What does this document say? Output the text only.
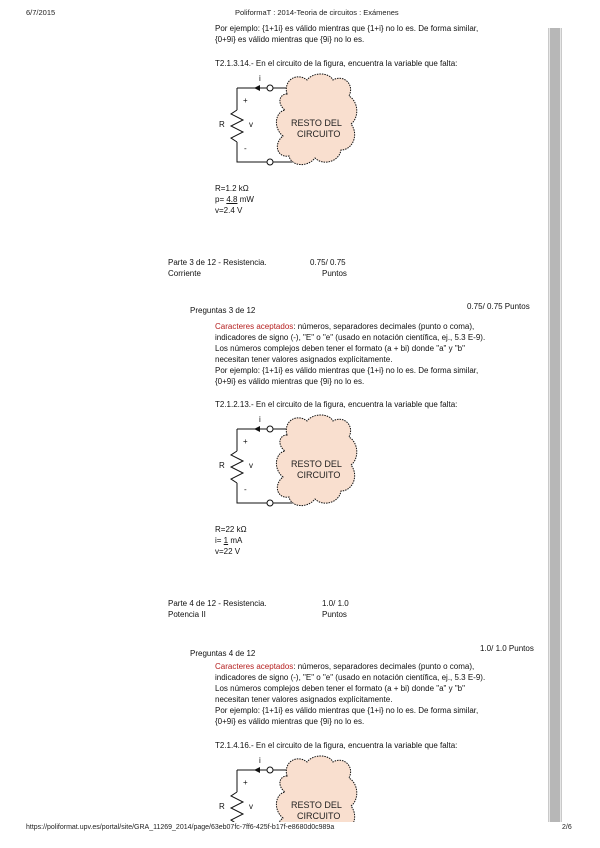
6/7/2015	PoliformaT : 2014-Teoria de circuitos : Exámenes
Por ejemplo: {1+1i} es válido mientras que {1+i} no lo es. De forma similar,
{0+9i} es válido mientras que {9i} no lo es.
T2.1.3.14.- En el circuito de la figura, encuentra la variable que falta:
i
+
v
R
-
RESTO DEL
CIRCUITO
R=1.2 kΩ
p= 4.8 mW
v=2.4 V
Parte 3 de 12 - Resistencia.
Corriente
0.75/ 0.75
Puntos
Preguntas 3 de 12	0.75/ 0.75 Puntos
Caracteres aceptados: números, separadores decimales (punto o coma),
indicadores de signo (-), "E" o "e" (usado en notación científica, ej., 5.3 E-9).
Los números complejos deben tener el formato (a + bi) donde "a" y "b"
necesitan tener valores asignados explícitamente.
Por ejemplo: {1+1i} es válido mientras que {1+i} no lo es. De forma similar,
{0+9i} es válido mientras que {9i} no lo es.
T2.1.2.13.- En el circuito de la figura, encuentra la variable que falta:
i
+
v
R
-
RESTO DEL
CIRCUITO
R=22 kΩ
i= 1 mA
v=22 V
Parte 4 de 12 - Resistencia.
Potencia II
1.0/ 1.0
Puntos
Preguntas 4 de 12
1.0/ 1.0 Puntos
Caracteres aceptados: números, separadores decimales (punto o coma),
indicadores de signo (-), "E" o "e" (usado en notación científica, ej., 5.3 E-9).
Los números complejos deben tener el formato (a + bi) donde "a" y "b"
necesitan tener valores asignados explícitamente.
Por ejemplo: {1+1i} es válido mientras que {1+i} no lo es. De forma similar,
{0+9i} es válido mientras que {9i} no lo es.
T2.1.4.16.- En el circuito de la figura, encuentra la variable que falta:
i
+
v
R	RESTO DEL
CIRCUITO
https://poliformat.upv.es/portal/site/GRA_11269_2014/page/63eb07fc-7ff6-425f-b17f-e8680d0c989a	2/6
